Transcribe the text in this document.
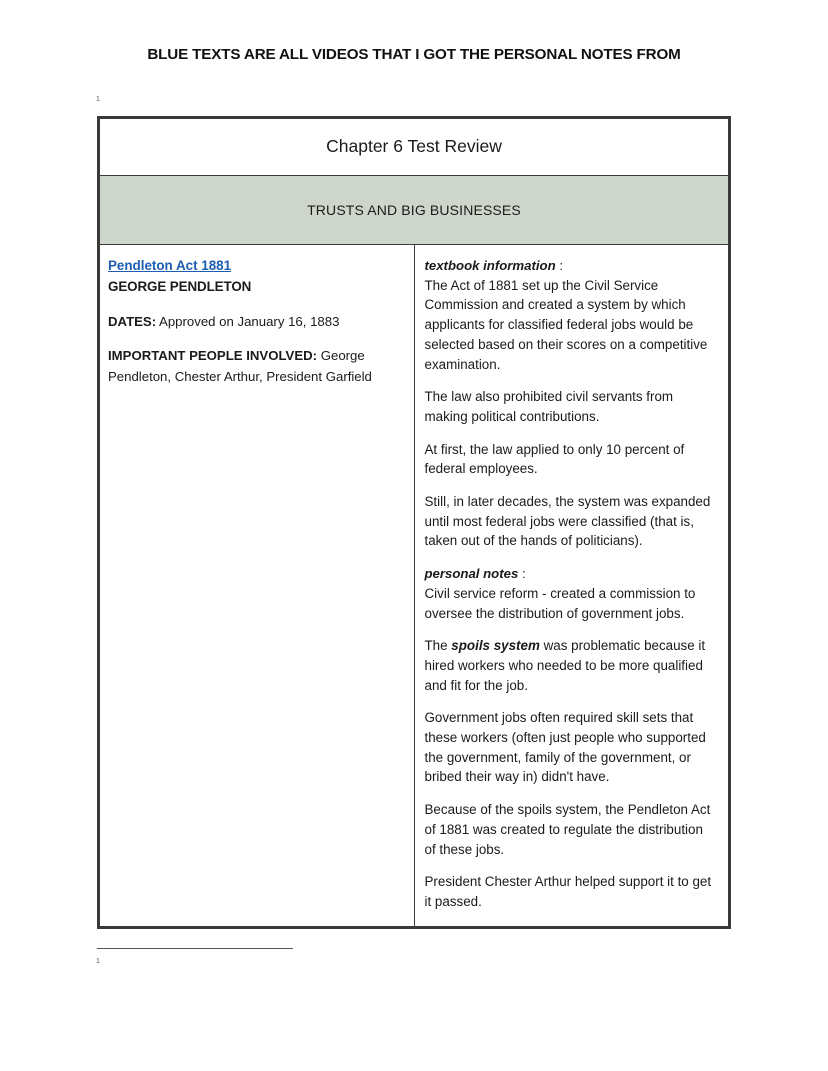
BLUE TEXTS ARE ALL VIDEOS THAT I GOT THE PERSONAL NOTES FROM
1
Chapter 6 Test Review
TRUSTS AND BIG BUSINESSES

Pendleton Act 1881
GEORGE PENDLETON
DATES: Approved on January 16, 1883
IMPORTANT PEOPLE INVOLVED: George Pendleton, Chester Arthur, President Garfield

textbook information :
The Act of 1881 set up the Civil Service Commission and created a system by which applicants for classified federal jobs would be selected based on their scores on a competitive examination.
The law also prohibited civil servants from making political contributions.
At first, the law applied to only 10 percent of federal employees.
Still, in later decades, the system was expanded until most federal jobs were classified (that is, taken out of the hands of politicians).
personal notes :
Civil service reform - created a commission to oversee the distribution of government jobs.
The spoils system was problematic because it hired workers who needed to be more qualified and fit for the job.
Government jobs often required skill sets that these workers (often just people who supported the government, family of the government, or bribed their way in) didn't have.
Because of the spoils system, the Pendleton Act of 1881 was created to regulate the distribution of these jobs.
President Chester Arthur helped support it to get it passed.
1
